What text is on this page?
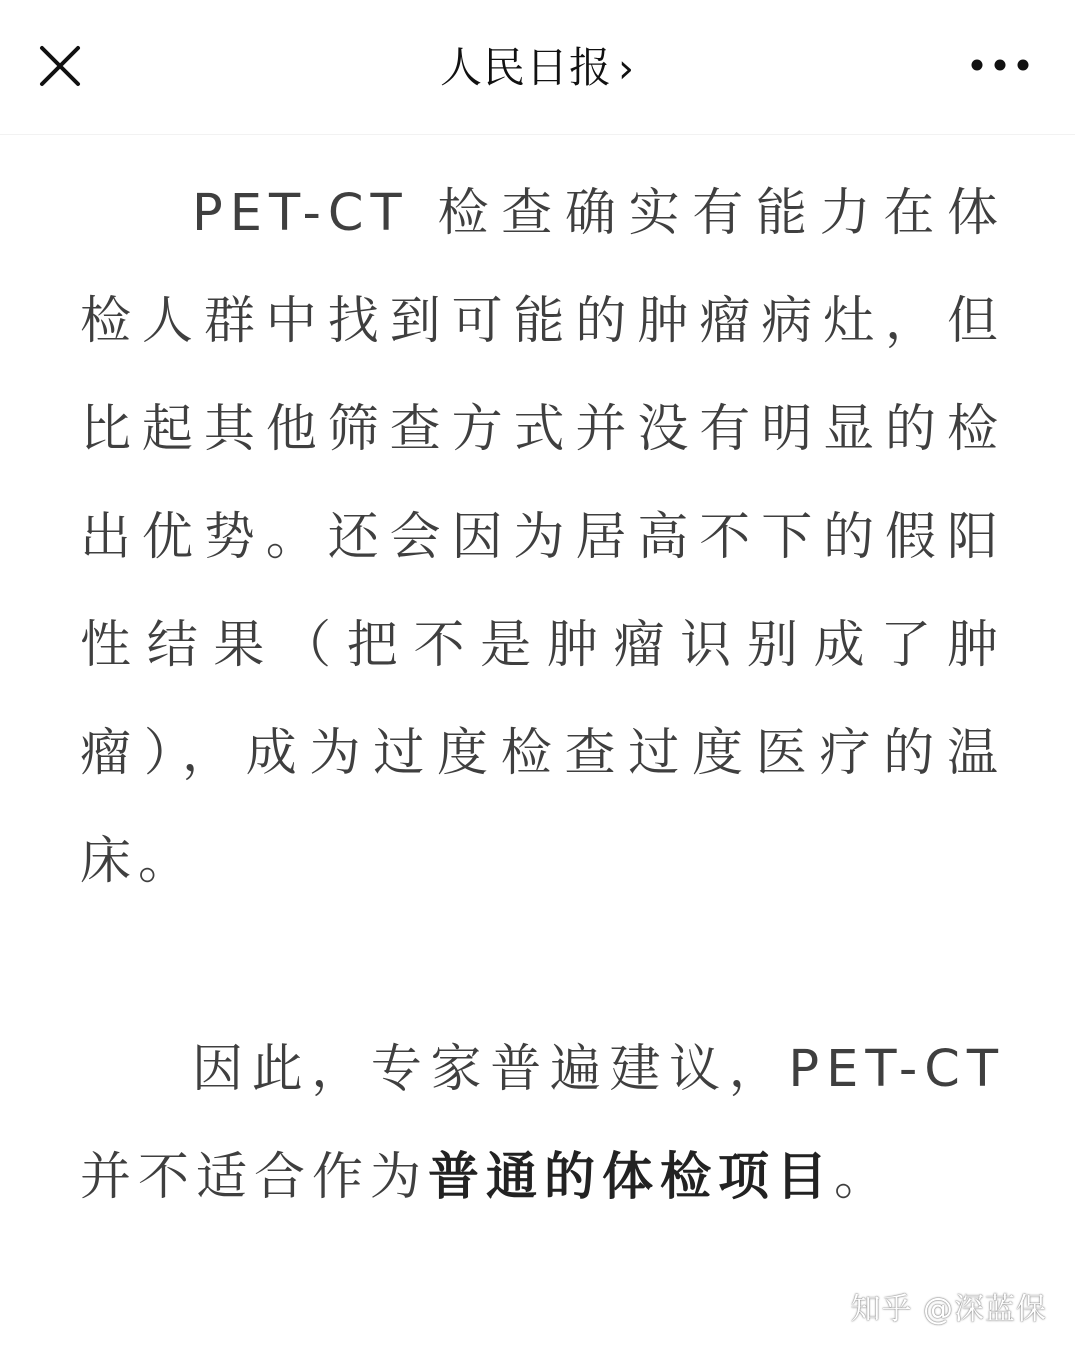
人民日报 ›

PET-CT 检查确实有能力在体检人群中找到可能的肿瘤病灶，但比起其他筛查方式并没有明显的检出优势。还会因为居高不下的假阳性结果（把不是肿瘤识别成了肿瘤），成为过度检查过度医疗的温床。

因此，专家普遍建议，PET-CT 并不适合作为普通的体检项目。

知乎 @深蓝保
